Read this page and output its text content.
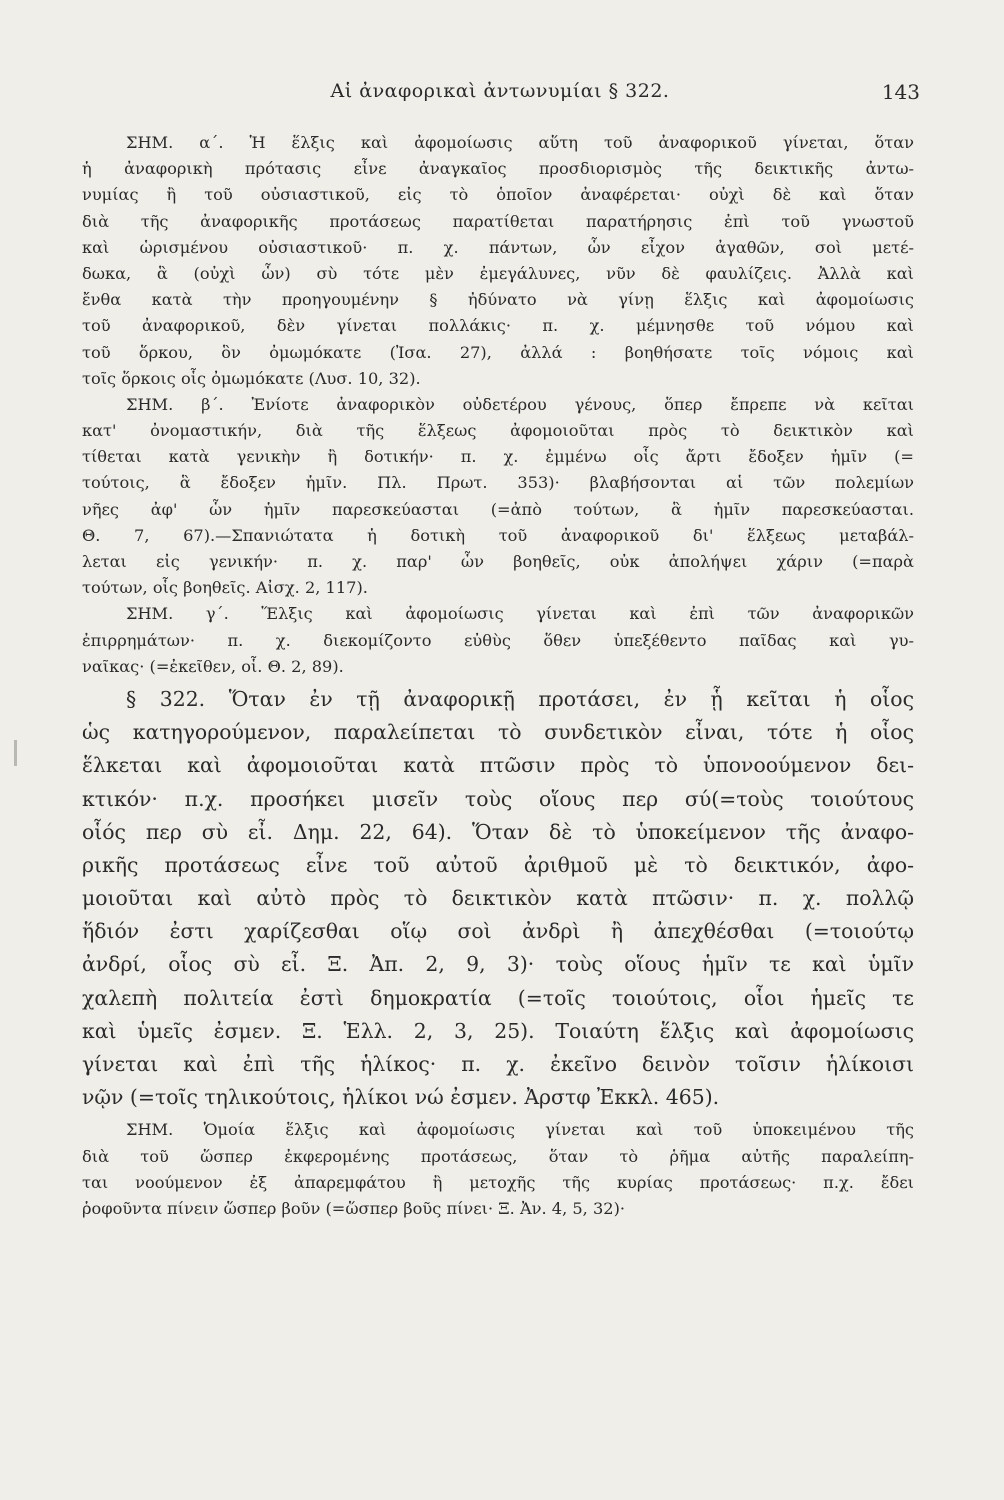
Αἱ ἀναφορικαὶ ἀντωνυμίαι § 322.	143
ΣΗΜ. α΄. Ἡ ἕλξις καὶ ἀφομοίωσις αὕτη τοῦ ἀναφορικοῦ γίνεται, ὅταν
ἡ ἀναφορικὴ πρότασις εἶνε ἀναγκαῖος προσδιορισμὸς τῆς δεικτικῆς ἀντω-
νυμίας ἢ τοῦ οὐσιαστικοῦ, εἰς τὸ ὁποῖον ἀναφέρεται· οὐχὶ δὲ καὶ ὅταν
διὰ τῆς ἀναφορικῆς προτάσεως παρατίθεται παρατήρησις ἐπὶ τοῦ γνωστοῦ
καὶ ὡρισμένου οὐσιαστικοῦ· π. χ. πάντων, ὧν εἶχον ἀγαθῶν, σοὶ μετέ-
δωκα, ἃ (οὐχὶ ὧν) σὺ τότε μὲν ἐμεγάλυνες, νῦν δὲ φαυλίζεις. Ἀλλὰ καὶ
ἔνθα κατὰ τὴν προηγουμένην § ἠδύνατο νὰ γίνῃ ἕλξις καὶ ἀφομοίωσις
τοῦ ἀναφορικοῦ, δὲν γίνεται πολλάκις· π. χ. μέμνησθε τοῦ νόμου καὶ
τοῦ ὅρκου, ὃν ὀμωμόκατε (Ἰσα. 27), ἀλλά : βοηθήσατε τοῖς νόμοις καὶ
τοῖς ὅρκοις οἷς ὀμωμόκατε (Λυσ. 10, 32).
ΣΗΜ. β΄. Ἐνίοτε ἀναφορικὸν οὐδετέρου γένους, ὅπερ ἔπρεπε νὰ κεῖται
κατ' ὀνομαστικήν, διὰ τῆς ἕλξεως ἀφομοιοῦται πρὸς τὸ δεικτικὸν καὶ
τίθεται κατὰ γενικὴν ἢ δοτικήν· π. χ. ἐμμένω οἷς ἄρτι ἔδοξεν ἡμῖν (=
τούτοις, ἃ ἔδοξεν ἡμῖν. Πλ. Πρωτ. 353)· βλαβήσονται αἱ τῶν πολεμίων
νῆες ἀφ' ὧν ἡμῖν παρεσκεύασται (=ἀπὸ τούτων, ἃ ἡμῖν παρεσκεύασται.
Θ. 7, 67).—Σπανιώτατα ἡ δοτικὴ τοῦ ἀναφορικοῦ δι' ἕλξεως μεταβάλ-
λεται εἰς γενικήν· π. χ. παρ' ὧν βοηθεῖς, οὐκ ἀπολήψει χάριν (=παρὰ
τούτων, οἷς βοηθεῖς. Αἰσχ. 2, 117).
ΣΗΜ. γ΄. Ἕλξις καὶ ἀφομοίωσις γίνεται καὶ ἐπὶ τῶν ἀναφορικῶν
ἐπιρρημάτων· π. χ. διεκομίζοντο εὐθὺς ὅθεν ὑπεξέθεντο παῖδας καὶ γυ-
ναῖκας· (=ἐκεῖθεν, οἷ. Θ. 2, 89).
§ 322. Ὅταν ἐν τῇ ἀναφορικῇ προτάσει, ἐν ᾗ κεῖται ἡ οἷος
ὡς κατηγορούμενον, παραλείπεται τὸ συνδετικὸν εἶναι, τότε ἡ οἷος
ἕλκεται καὶ ἀφομοιοῦται κατὰ πτῶσιν πρὸς τὸ ὑπονοούμενον δει-
κτικόν· π.χ. προσήκει μισεῖν τοὺς οἵους περ σύ(=τοὺς τοιούτους
οἷός περ σὺ εἶ. Δημ. 22, 64). Ὅταν δὲ τὸ ὑποκείμενον τῆς ἀναφο-
ρικῆς προτάσεως εἶνε τοῦ αὐτοῦ ἀριθμοῦ μὲ τὸ δεικτικόν, ἀφο-
μοιοῦται καὶ αὐτὸ πρὸς τὸ δεικτικὸν κατὰ πτῶσιν· π. χ. πολλῷ
ἥδιόν ἐστι χαρίζεσθαι οἵῳ σοὶ ἀνδρὶ ἢ ἀπεχθέσθαι (=τοιούτῳ
ἀνδρί, οἷος σὺ εἶ. Ξ. Ἀπ. 2, 9, 3)· τοὺς οἵους ἡμῖν τε καὶ ὑμῖν
χαλεπὴ πολιτεία ἐστὶ δημοκρατία (=τοῖς τοιούτοις, οἷοι ἡμεῖς τε
καὶ ὑμεῖς ἐσμεν. Ξ. Ἑλλ. 2, 3, 25). Τοιαύτη ἕλξις καὶ ἀφομοίωσις
γίνεται καὶ ἐπὶ τῆς ἡλίκος· π. χ. ἐκεῖνο δεινὸν τοῖσιν ἡλίκοισι
νῷν (=τοῖς τηλικούτοις, ἡλίκοι νώ ἐσμεν. Ἀρστφ Ἐκκλ. 465).
ΣΗΜ. Ὁμοία ἕλξις καὶ ἀφομοίωσις γίνεται καὶ τοῦ ὑποκειμένου τῆς
διὰ τοῦ ὥσπερ ἐκφερομένης προτάσεως, ὅταν τὸ ῥῆμα αὐτῆς παραλείπη-
ται νοούμενον ἐξ ἀπαρεμφάτου ἢ μετοχῆς τῆς κυρίας προτάσεως· π.χ. ἔδει
ῥοφοῦντα πίνειν ὥσπερ βοῦν (=ὥσπερ βοῦς πίνει· Ξ. Ἀν. 4, 5, 32)·
